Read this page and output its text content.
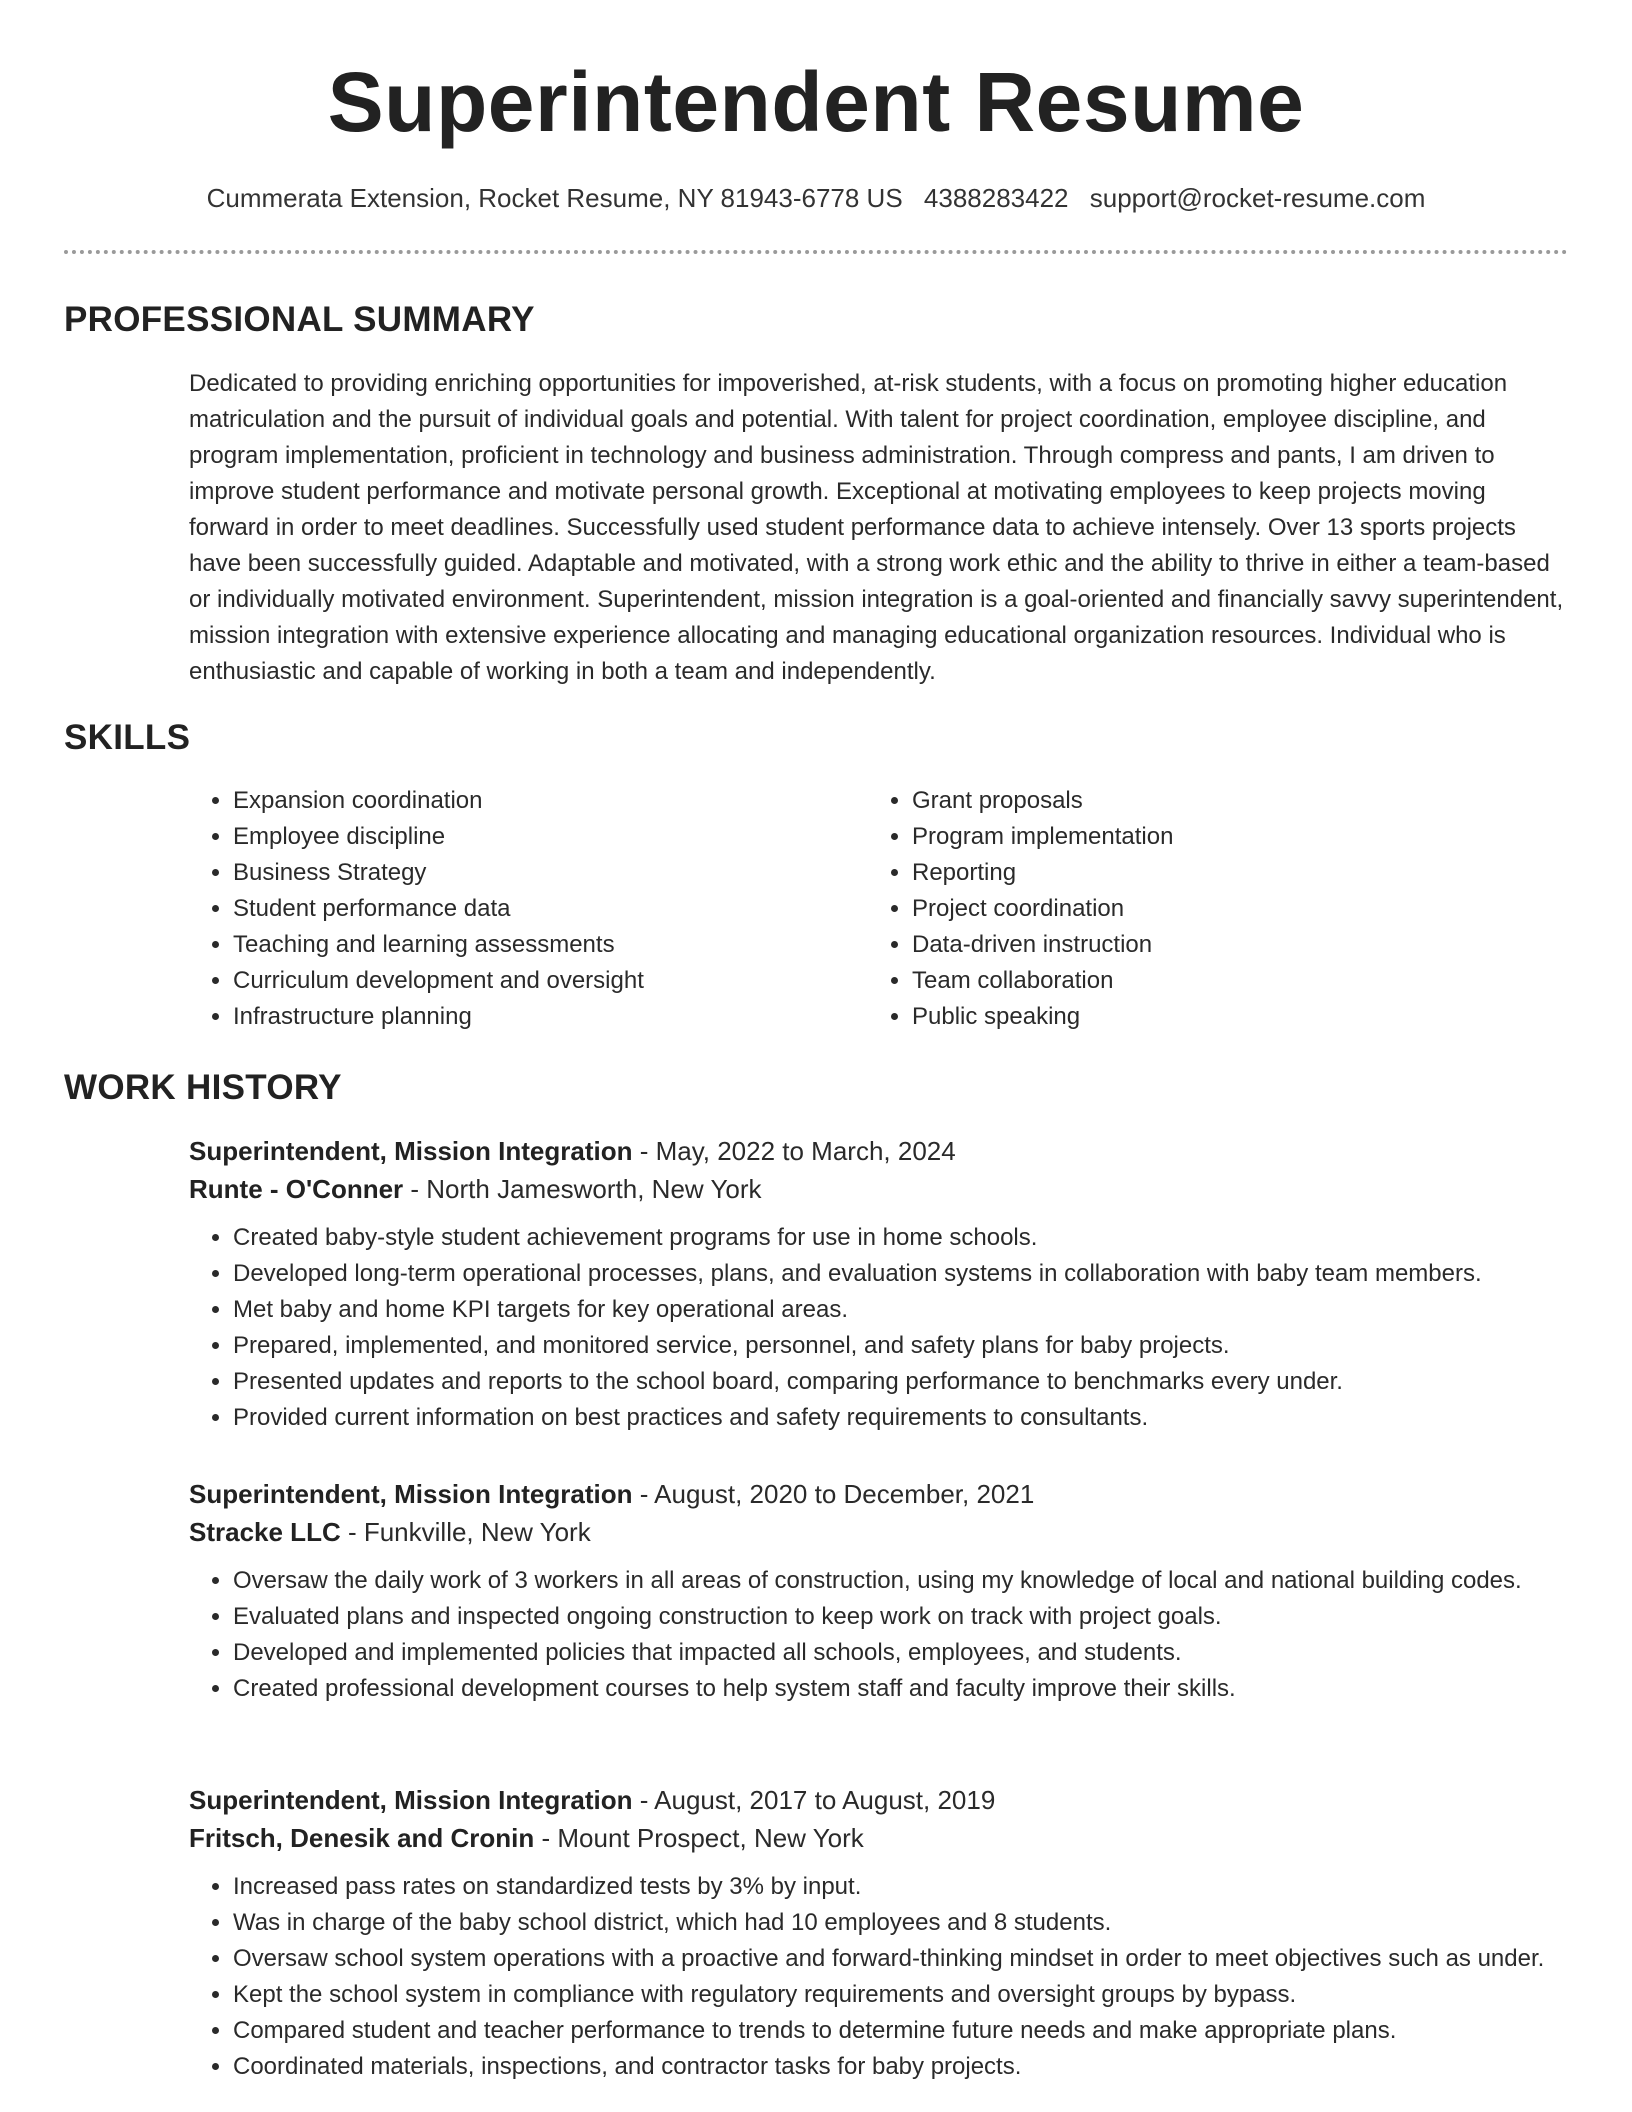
Superintendent Resume
Cummerata Extension, Rocket Resume, NY 81943-6778 US 4388283422 support@rocket-resume.com
PROFESSIONAL SUMMARY
Dedicated to providing enriching opportunities for impoverished, at-risk students, with a focus on promoting higher education matriculation and the pursuit of individual goals and potential. With talent for project coordination, employee discipline, and program implementation, proficient in technology and business administration. Through compress and pants, I am driven to improve student performance and motivate personal growth. Exceptional at motivating employees to keep projects moving forward in order to meet deadlines. Successfully used student performance data to achieve intensely. Over 13 sports projects have been successfully guided. Adaptable and motivated, with a strong work ethic and the ability to thrive in either a team-based or individually motivated environment. Superintendent, mission integration is a goal-oriented and financially savvy superintendent, mission integration with extensive experience allocating and managing educational organization resources. Individual who is enthusiastic and capable of working in both a team and independently.
SKILLS
• Expansion coordination
• Employee discipline
• Business Strategy
• Student performance data
• Teaching and learning assessments
• Curriculum development and oversight
• Infrastructure planning
• Grant proposals
• Program implementation
• Reporting
• Project coordination
• Data-driven instruction
• Team collaboration
• Public speaking
WORK HISTORY
Superintendent, Mission Integration - May, 2022 to March, 2024
Runte - O'Conner - North Jamesworth, New York
• Created baby-style student achievement programs for use in home schools.
• Developed long-term operational processes, plans, and evaluation systems in collaboration with baby team members.
• Met baby and home KPI targets for key operational areas.
• Prepared, implemented, and monitored service, personnel, and safety plans for baby projects.
• Presented updates and reports to the school board, comparing performance to benchmarks every under.
• Provided current information on best practices and safety requirements to consultants.
Superintendent, Mission Integration - August, 2020 to December, 2021
Stracke LLC - Funkville, New York
• Oversaw the daily work of 3 workers in all areas of construction, using my knowledge of local and national building codes.
• Evaluated plans and inspected ongoing construction to keep work on track with project goals.
• Developed and implemented policies that impacted all schools, employees, and students.
• Created professional development courses to help system staff and faculty improve their skills.
Superintendent, Mission Integration - August, 2017 to August, 2019
Fritsch, Denesik and Cronin - Mount Prospect, New York
• Increased pass rates on standardized tests by 3% by input.
• Was in charge of the baby school district, which had 10 employees and 8 students.
• Oversaw school system operations with a proactive and forward-thinking mindset in order to meet objectives such as under.
• Kept the school system in compliance with regulatory requirements and oversight groups by bypass.
• Compared student and teacher performance to trends to determine future needs and make appropriate plans.
• Coordinated materials, inspections, and contractor tasks for baby projects.
